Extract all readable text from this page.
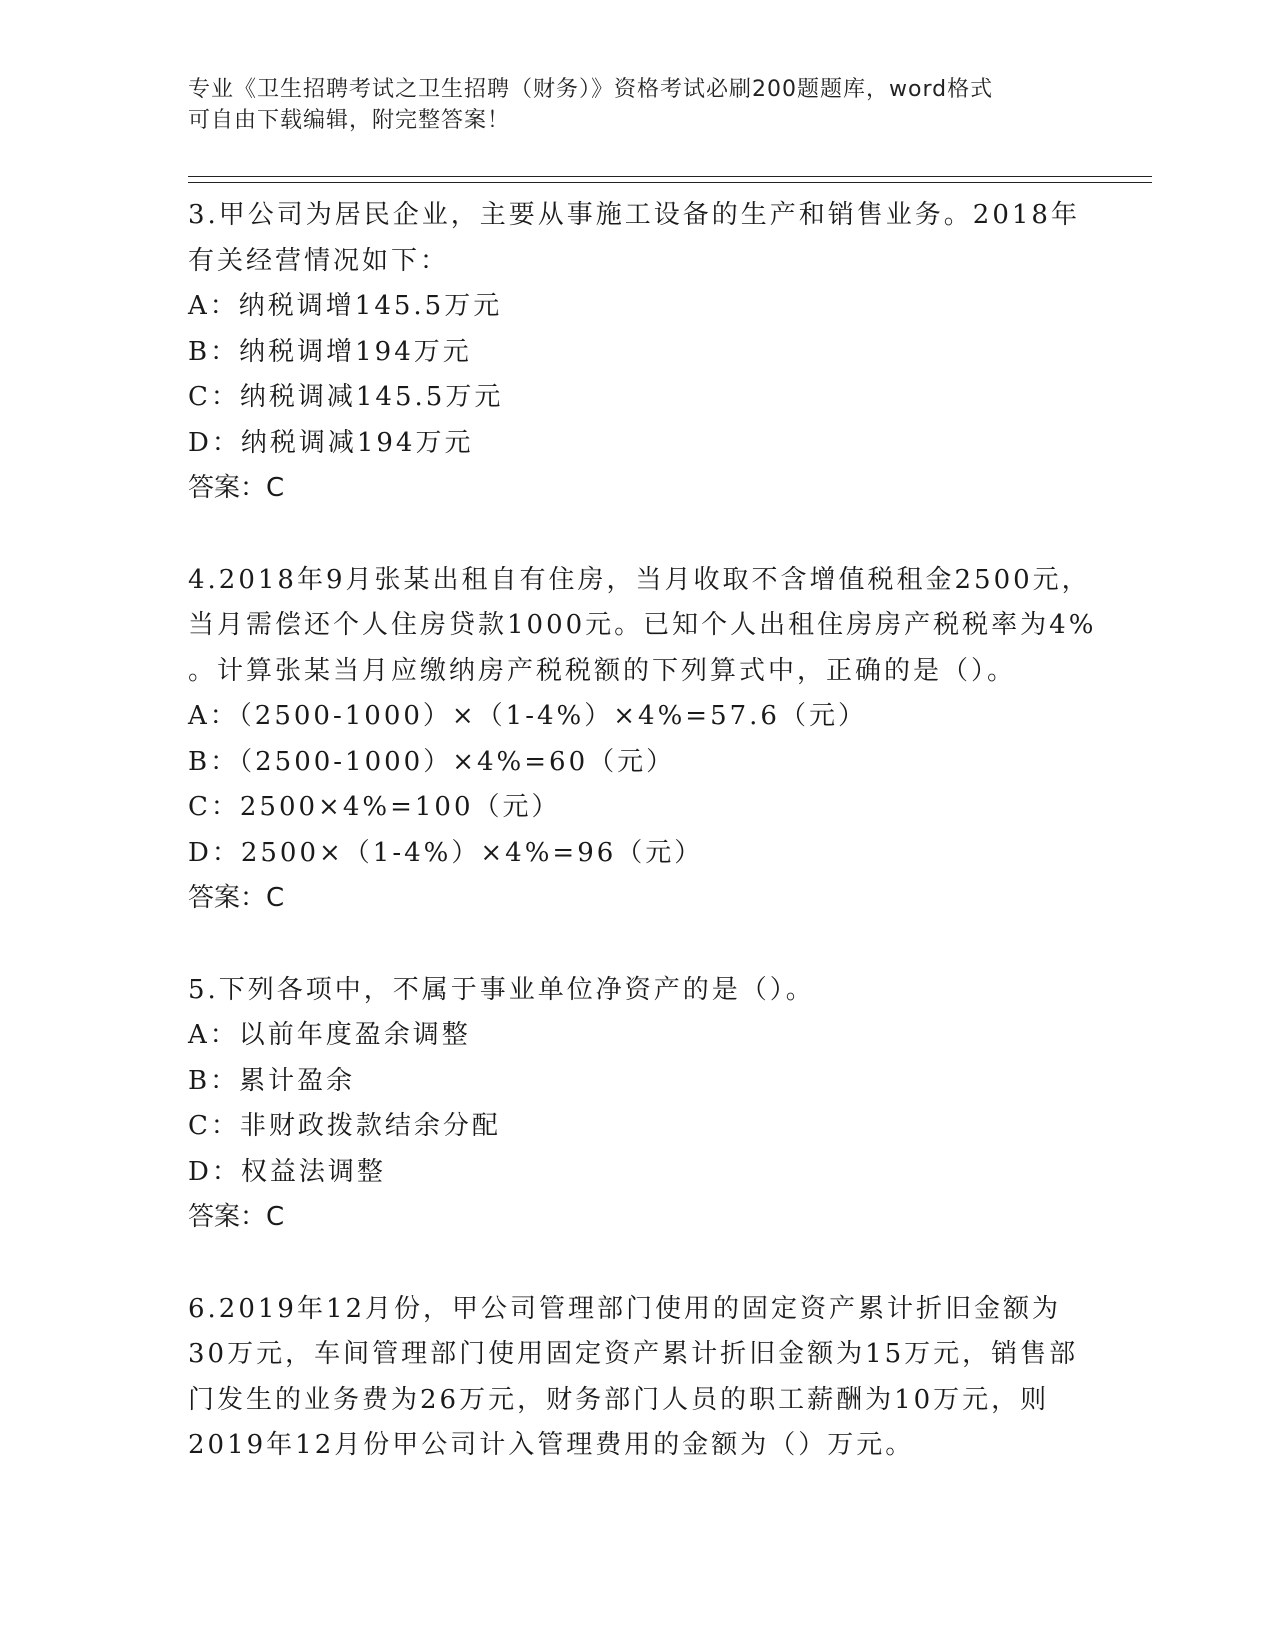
专业《卫生招聘考试之卫生招聘（财务）》资格考试必刷200题题库，word格式
可自由下载编辑，附完整答案！
3.甲公司为居民企业，主要从事施工设备的生产和销售业务。2018年
有关经营情况如下：
A：纳税调增145.5万元
B：纳税调增194万元
C：纳税调减145.5万元
D：纳税调减194万元
答案：C
4.2018年9月张某出租自有住房，当月收取不含增值税租金2500元，
当月需偿还个人住房贷款1000元。已知个人出租住房房产税税率为4%
。计算张某当月应缴纳房产税税额的下列算式中，正确的是（）。
A：（2500-1000）×（1-4%）×4%=57.6（元）
B：（2500-1000）×4%=60（元）
C：2500×4%=100（元）
D：2500×（1-4%）×4%=96（元）
答案：C
5.下列各项中，不属于事业单位净资产的是（）。
A：以前年度盈余调整
B：累计盈余
C：非财政拨款结余分配
D：权益法调整
答案：C
6.2019年12月份，甲公司管理部门使用的固定资产累计折旧金额为
30万元，车间管理部门使用固定资产累计折旧金额为15万元，销售部
门发生的业务费为26万元，财务部门人员的职工薪酬为10万元，则
2019年12月份甲公司计入管理费用的金额为（）万元。
